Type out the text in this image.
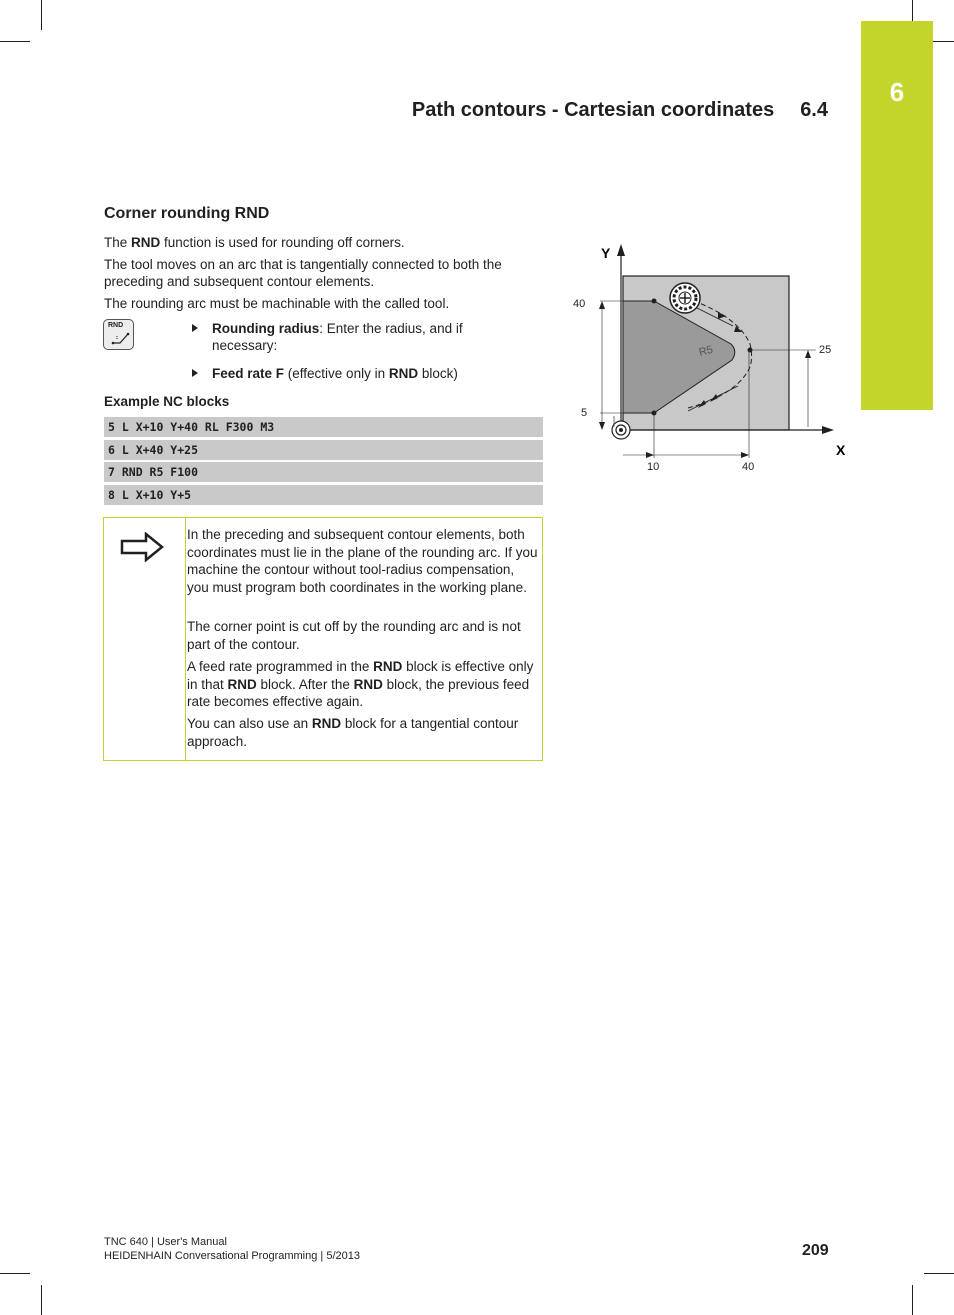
6
Path contours - Cartesian coordinates 6.4
Corner rounding RND

The RND function is used for rounding off corners.

The tool moves on an arc that is tangentially connected to both the preceding and subsequent contour elements.

The rounding arc must be machinable with the called tool.

RND	Rounding radius: Enter the radius, and if necessary:
Feed rate F (effective only in RND block)
Example NC blocks
5 L X+10 Y+40 RL F300 M3
6 L X+40 Y+25
7 RND R5 F100
8 L X+10 Y+5

In the preceding and subsequent contour elements, both coordinates must lie in the plane of the rounding arc. If you machine the contour without tool-radius compensation, you must program both coordinates in the working plane.

The corner point is cut off by the rounding arc and is not part of the contour.

A feed rate programmed in the RND block is effective only in that RND block. After the RND block, the previous feed rate becomes effective again.

You can also use an RND block for a tangential contour approach.

Y
X
R5
40
25
5
10	40
TNC 640 | User's Manual
HEIDENHAIN Conversational Programming | 5/2013	209
